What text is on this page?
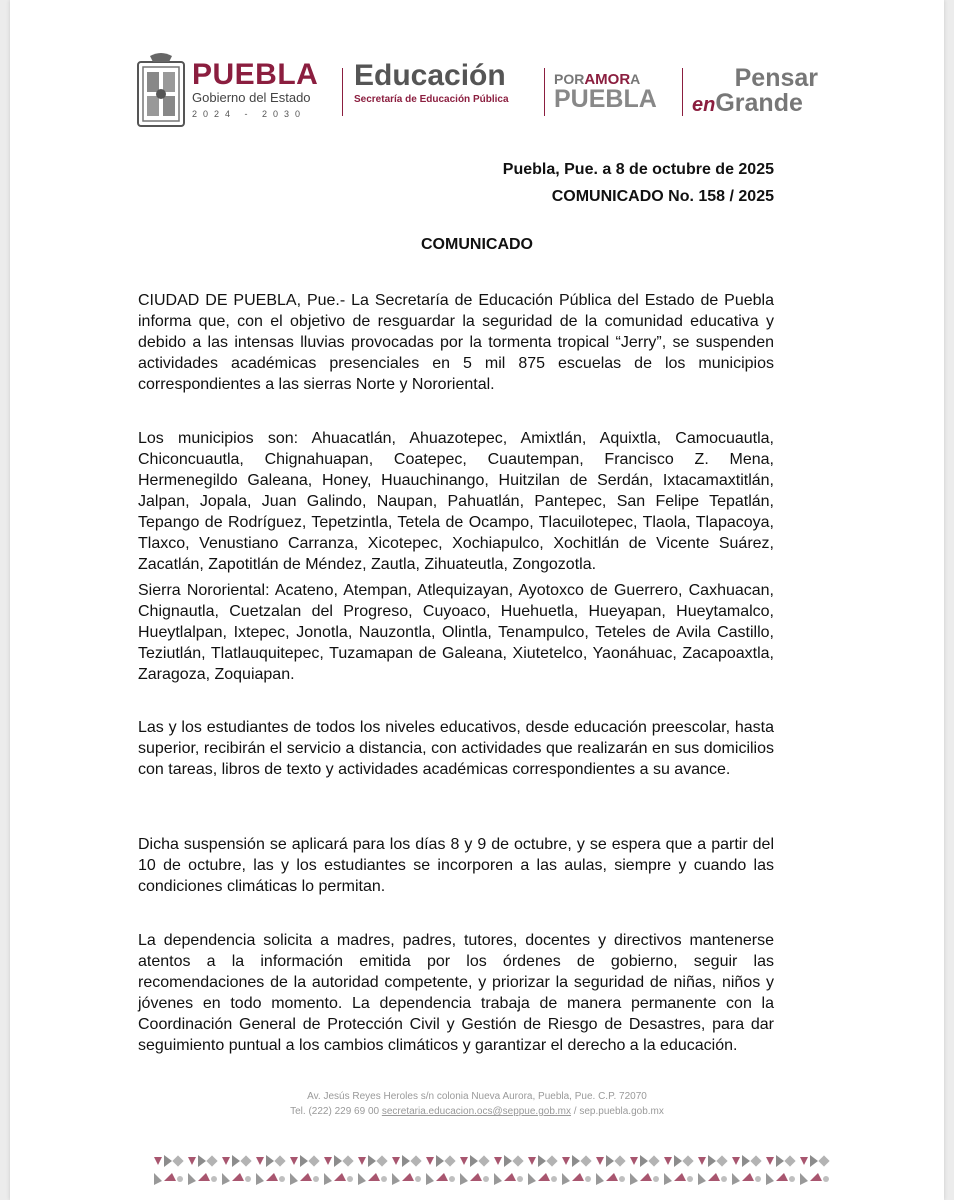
PUEBLA
Gobierno del Estado
2024 - 2030
Educación
Secretaría de Educación Pública
PORAMORA
PUEBLA
Pensar
enGrande
Puebla, Pue. a 8 de octubre de 2025
COMUNICADO No. 158 / 2025
COMUNICADO

CIUDAD DE PUEBLA, Pue.- La Secretaría de Educación Pública del Estado de Puebla informa que, con el objetivo de resguardar la seguridad de la comunidad educativa y debido a las intensas lluvias provocadas por la tormenta tropical “Jerry”, se suspenden actividades académicas presenciales en 5 mil 875 escuelas de los municipios correspondientes a las sierras Norte y Nororiental.

Los municipios son: Ahuacatlán, Ahuazotepec, Amixtlán, Aquixtla, Camocuautla, Chiconcuautla, Chignahuapan, Coatepec, Cuautempan, Francisco Z. Mena, Hermenegildo Galeana, Honey, Huauchinango, Huitzilan de Serdán, Ixtacamaxtitlán, Jalpan, Jopala, Juan Galindo, Naupan, Pahuatlán, Pantepec, San Felipe Tepatlán, Tepango de Rodríguez, Tepetzintla, Tetela de Ocampo, Tlacuilotepec, Tlaola, Tlapacoya, Tlaxco, Venustiano Carranza, Xicotepec, Xochiapulco, Xochitlán de Vicente Suárez, Zacatlán, Zapotitlán de Méndez, Zautla, Zihuateutla, Zongozotla.

Sierra Nororiental: Acateno, Atempan, Atlequizayan, Ayotoxco de Guerrero, Caxhuacan, Chignautla, Cuetzalan del Progreso, Cuyoaco, Huehuetla, Hueyapan, Hueytamalco, Hueytlalpan, Ixtepec, Jonotla, Nauzontla, Olintla, Tenampulco, Teteles de Avila Castillo, Teziutlán, Tlatlauquitepec, Tuzamapan de Galeana, Xiutetelco, Yaonáhuac, Zacapoaxtla, Zaragoza, Zoquiapan.

Las y los estudiantes de todos los niveles educativos, desde educación preescolar, hasta superior, recibirán el servicio a distancia, con actividades que realizarán en sus domicilios con tareas, libros de texto y actividades académicas correspondientes a su avance.

Dicha suspensión se aplicará para los días 8 y 9 de octubre, y se espera que a partir del 10 de octubre, las y los estudiantes se incorporen a las aulas, siempre y cuando las condiciones climáticas lo permitan.

La dependencia solicita a madres, padres, tutores, docentes y directivos mantenerse atentos a la información emitida por los órdenes de gobierno, seguir las recomendaciones de la autoridad competente, y priorizar la seguridad de niñas, niños y jóvenes en todo momento. La dependencia trabaja de manera permanente con la Coordinación General de Protección Civil y Gestión de Riesgo de Desastres, para dar seguimiento puntual a los cambios climáticos y garantizar el derecho a la educación.

Av. Jesús Reyes Heroles s/n colonia Nueva Aurora, Puebla, Pue. C.P. 72070
Tel. (222) 229 69 00 secretaria.educacion.ocs@seppue.gob.mx / sep.puebla.gob.mx
